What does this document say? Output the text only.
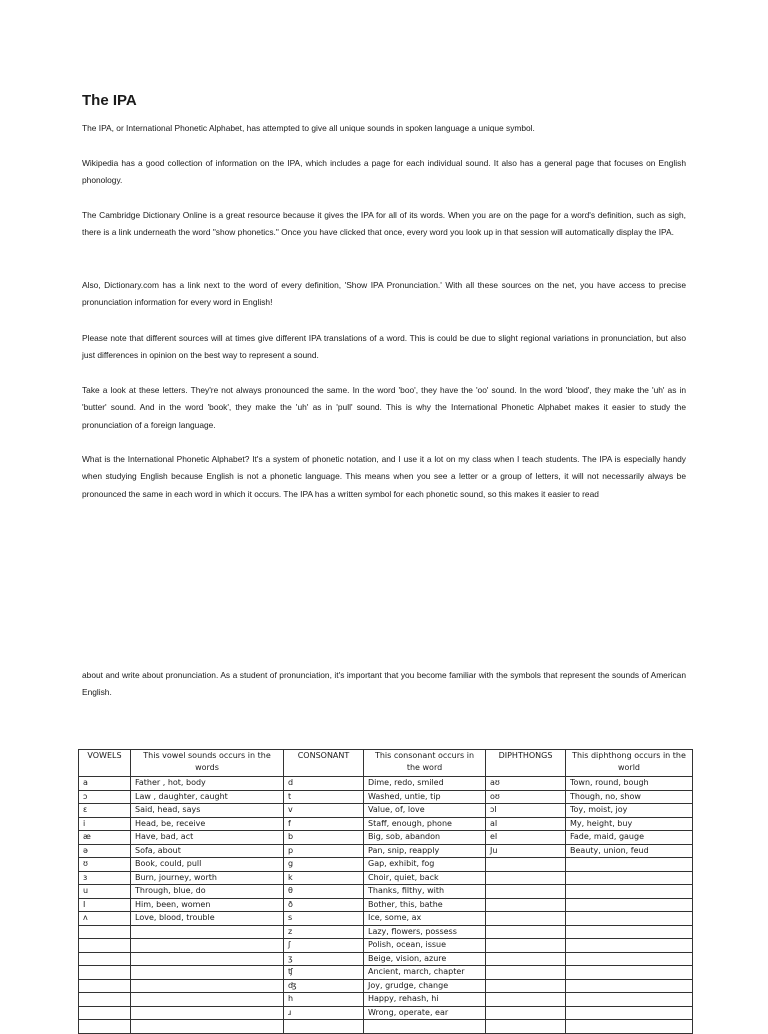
The IPA

The IPA, or International Phonetic Alphabet, has attempted to give all unique sounds in spoken language a unique symbol.

Wikipedia has a good collection of information on the IPA, which includes a page for each individual sound. It also has a general page that focuses on English phonology.

The Cambridge Dictionary Online is a great resource because it gives the IPA for all of its words. When you are on the page for a word's definition, such as sigh, there is a link underneath the word "show phonetics." Once you have clicked that once, every word you look up in that session will automatically display the IPA.

Also, Dictionary.com has a link next to the word of every definition, 'Show IPA Pronunciation.' With all these sources on the net, you have access to precise pronunciation information for every word in English!

Please note that different sources will at times give different IPA translations of a word. This is could be due to slight regional variations in pronunciation, but also just differences in opinion on the best way to represent a sound.

Take a look at these letters. They're not always pronounced the same. In the word 'boo', they have the 'oo' sound. In the word 'blood', they make the 'uh' as in 'butter' sound. And in the word 'book', they make the 'uh' as in 'pull' sound. This is why the International Phonetic Alphabet makes it easier to study the pronunciation of a foreign language.

What is the International Phonetic Alphabet? It's a system of phonetic notation, and I use it a lot on my class when I teach students. The IPA is especially handy when studying English because English is not a phonetic language. This means when you see a letter or a group of letters, it will not necessarily always be pronounced the same in each word in which it occurs. The IPA has a written symbol for each phonetic sound, so this makes it easier to read

about and write about pronunciation. As a student of pronunciation, it's important that you become familiar with the symbols that represent the sounds of American English.

VOWELS	This vowel sounds occurs in the words	CONSONANT	This consonant occurs in the word	DIPHTHONGS	This diphthong occurs in the world
a	Father , hot, body	d	Dime, redo, smiled	aʊ	Town, round, bough
ɔ	Law , daughter, caught	t	Washed, untie, tip	oʊ	Though, no, show
ɛ	Said, head, says	v	Value, of, love	ɔI	Toy, moist, joy
i	Head, be, receive	f	Staff, enough, phone	aI	My, height, buy
æ	Have, bad, act	b	Big, sob, abandon	eI	Fade, maid, gauge
ə	Sofa, about	p	Pan, snip, reapply	Ju	Beauty, union, feud
ʊ	Book, could, pull	g	Gap, exhibit, fog		
ɜ	Burn, journey, worth	k	Choir, quiet, back		
u	Through, blue, do	θ	Thanks, filthy, with		
I	Him, been, women	ð	Bother, this, bathe		
ʌ	Love, blood, trouble	s	Ice, some, ax		
		z	Lazy, flowers, possess		
		ʃ	Polish, ocean, issue		
		ʒ	Beige, vision, azure		
		ʧ	Ancient, march, chapter		
		ʤ	Joy, grudge, change		
		h	Happy, rehash, hi		
		ɹ	Wrong, operate, ear		
